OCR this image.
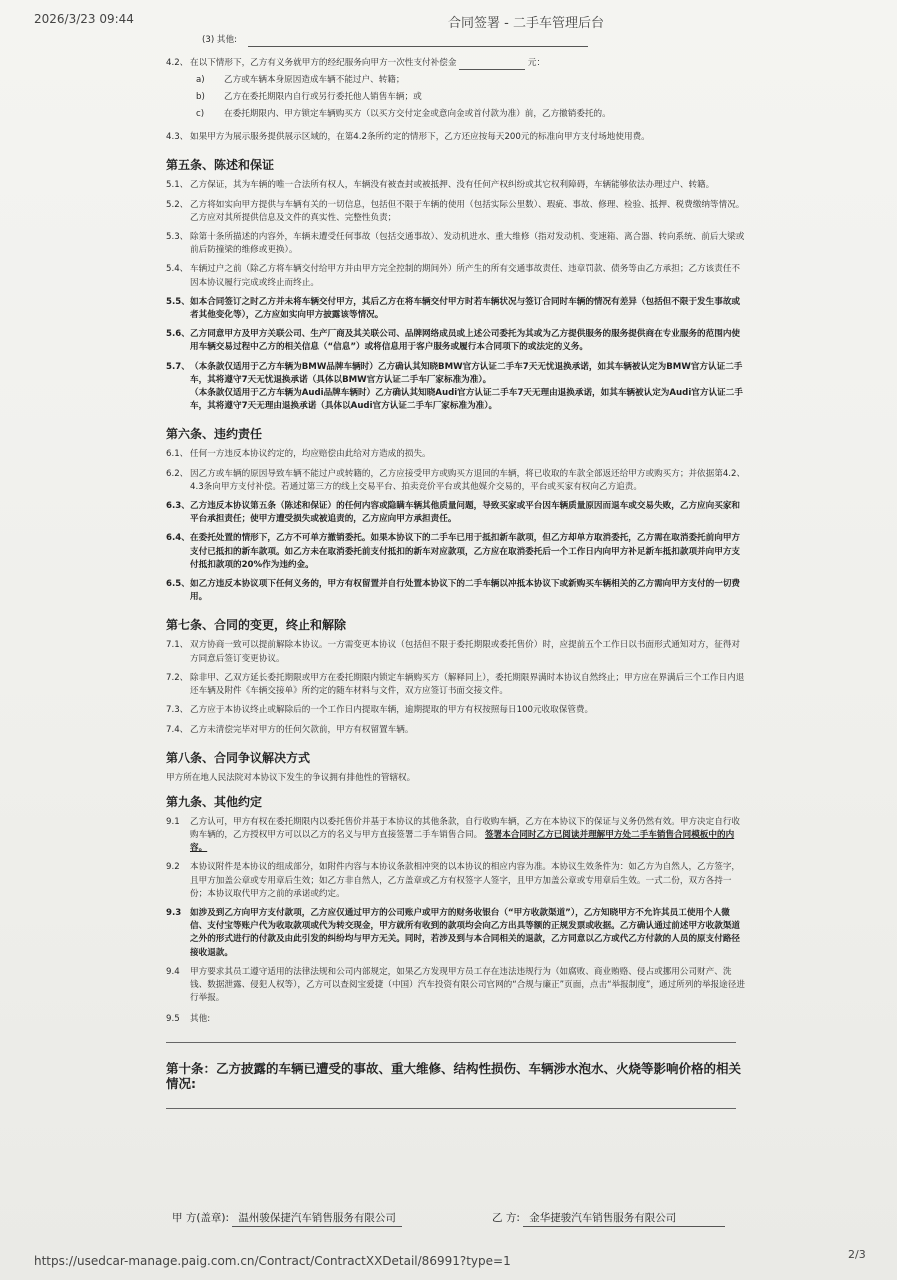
2026/3/23 09:44	合同签署 - 二手车管理后台
(3) 其他:
4.2、 在以下情形下，乙方有义务就甲方的经纪服务向甲方一次性支付补偿金	元：
a)	乙方或车辆本身原因造成车辆不能过户、转籍；
b)	乙方在委托期限内自行或另行委托他人销售车辆；或
c)	在委托期限内、甲方锁定车辆购买方（以买方交付定金或意向金或首付款为准）前，乙方撤销委托的。
4.3、 如果甲方为展示服务提供展示区域的，在第4.2条所约定的情形下，乙方还应按每天200元的标准向甲方支付场地使用费。
第五条、陈述和保证
5.1、 乙方保证，其为车辆的唯一合法所有权人，车辆没有被查封或被抵押、没有任何产权纠纷或其它权利障碍，车辆能够依法办理过户、转籍。
5.2、 乙方将如实向甲方提供与车辆有关的一切信息，包括但不限于车辆的使用（包括实际公里数）、瑕疵、事故、修理、检验、抵押、税费缴纳等情况。乙方应对其所提供信息及文件的真实性、完整性负责；
5.3、 除第十条所描述的内容外，车辆未遭受任何事故（包括交通事故）、发动机进水、重大维修（指对发动机、变速箱、离合器、转向系统、前后大梁或前后防撞梁的维修或更换）。
5.4、 车辆过户之前（除乙方将车辆交付给甲方并由甲方完全控制的期间外）所产生的所有交通事故责任、违章罚款、债务等由乙方承担；乙方该责任不因本协议履行完成或终止而终止。
5.5、 如本合同签订之时乙方并未将车辆交付甲方，其后乙方在将车辆交付甲方时若车辆状况与签订合同时车辆的情况有差异（包括但不限于发生事故或者其他变化等），乙方应如实向甲方披露该等情况。
5.6、 乙方同意甲方及甲方关联公司、生产厂商及其关联公司、品牌网络成员或上述公司委托为其或为乙方提供服务的服务提供商在专业服务的范围内使用车辆交易过程中乙方的相关信息（“信息”）或将信息用于客户服务或履行本合同项下的或法定的义务。
5.7、 （本条款仅适用于乙方车辆为BMW品牌车辆时）乙方确认其知晓BMW官方认证二手车7天无忧退换承诺，如其车辆被认定为BMW官方认证二手车，其将遵守7天无忧退换承诺（具体以BMW官方认证二手车厂家标准为准）。
（本条款仅适用于乙方车辆为Audi品牌车辆时）乙方确认其知晓Audi官方认证二手车7天无理由退换承诺，如其车辆被认定为Audi官方认证二手车，其将遵守7天无理由退换承诺（具体以Audi官方认证二手车厂家标准为准）。
第六条、违约责任
6.1、 任何一方违反本协议约定的，均应赔偿由此给对方造成的损失。
6.2、 因乙方或车辆的原因导致车辆不能过户或转籍的，乙方应接受甲方或购买方退回的车辆，将已收取的车款全部返还给甲方或购买方；并依据第4.2、4.3条向甲方支付补偿。若通过第三方的线上交易平台、拍卖竞价平台或其他媒介交易的，平台或买家有权向乙方追责。
6.3、 乙方违反本协议第五条（陈述和保证）的任何内容或隐瞒车辆其他质量问题，导致买家或平台因车辆质量原因而退车或交易失败，乙方应向买家和平台承担责任；使甲方遭受损失或被追责的，乙方应向甲方承担责任。
6.4、 在委托处置的情形下，乙方不可单方撤销委托。如果本协议下的二手车已用于抵扣新车款项，但乙方却单方取消委托，乙方需在取消委托前向甲方支付已抵扣的新车款项。如乙方未在取消委托前支付抵扣的新车对应款项，乙方应在取消委托后一个工作日内向甲方补足新车抵扣款项并向甲方支付抵扣款项的20%作为违约金。
6.5、 如乙方违反本协议项下任何义务的，甲方有权留置并自行处置本协议下的二手车辆以冲抵本协议下或新购买车辆相关的乙方需向甲方支付的一切费用。
第七条、合同的变更，终止和解除
7.1、 双方协商一致可以提前解除本协议。一方需变更本协议（包括但不限于委托期限或委托售价）时，应提前五个工作日以书面形式通知对方，征得对方同意后签订变更协议。
7.2、 除非甲、乙双方延长委托期限或甲方在委托期限内锁定车辆购买方（解释同上），委托期限界满时本协议自然终止；甲方应在界满后三个工作日内退还车辆及附件《车辆交接单》所约定的随车材料与文件，双方应签订书面交接文件。
7.3、 乙方应于本协议终止或解除后的一个工作日内提取车辆，逾期提取的甲方有权按照每日100元收取保管费。
7.4、 乙方未清偿完毕对甲方的任何欠款前，甲方有权留置车辆。
第八条、合同争议解决方式
甲方所在地人民法院对本协议下发生的争议拥有排他性的管辖权。
第九条、其他约定
9.1	乙方认可，甲方有权在委托期限内以委托售价并基于本协议的其他条款，自行收购车辆，乙方在本协议下的保证与义务仍然有效。甲方决定自行收购车辆的，乙方授权甲方可以以乙方的名义与甲方直接签署二手车销售合同。 签署本合同时乙方已阅读并理解甲方处二手车销售合同模板中的内容。
9.2	本协议附件是本协议的组成部分，如附件内容与本协议条款相冲突的以本协议的相应内容为准。本协议生效条件为：如乙方为自然人，乙方签字，且甲方加盖公章或专用章后生效；如乙方非自然人，乙方盖章或乙方有权签字人签字，且甲方加盖公章或专用章后生效。一式二份，双方各持一份；本协议取代甲方之前的承诺或约定。
9.3	如涉及到乙方向甲方支付款项，乙方应仅通过甲方的公司账户或甲方的财务收银台（“甲方收款渠道”），乙方知晓甲方不允许其员工使用个人微信、支付宝等账户代为收取款项或代为转交现金，甲方就所有收到的款项均会向乙方出具等额的正规发票或收据。乙方确认通过前述甲方收款渠道之外的形式进行的付款及由此引发的纠纷均与甲方无关。同时，若涉及到与本合同相关的退款，乙方同意以乙方或代乙方付款的人员的原支付路径接收退款。
9.4	甲方要求其员工遵守适用的法律法规和公司内部规定，如果乙方发现甲方员工存在违法违规行为（如腐败、商业贿赂、侵占或挪用公司财产、洗钱、数据泄露、侵犯人权等），乙方可以查阅宝爱捷（中国）汽车投资有限公司官网的“合规与廉正”页面，点击“举报制度”，通过所列的举报途径进行举报。
9.5	其他:
第十条：乙方披露的车辆已遭受的事故、重大维修、结构性损伤、车辆涉水泡水、火烧等影响价格的相关情况:
甲 方(盖章): 温州骏保捷汽车销售服务有限公司	乙 方: 金华捷骏汽车销售服务有限公司
https://usedcar-manage.paig.com.cn/Contract/ContractXXDetail/86991?type=1	2/3
